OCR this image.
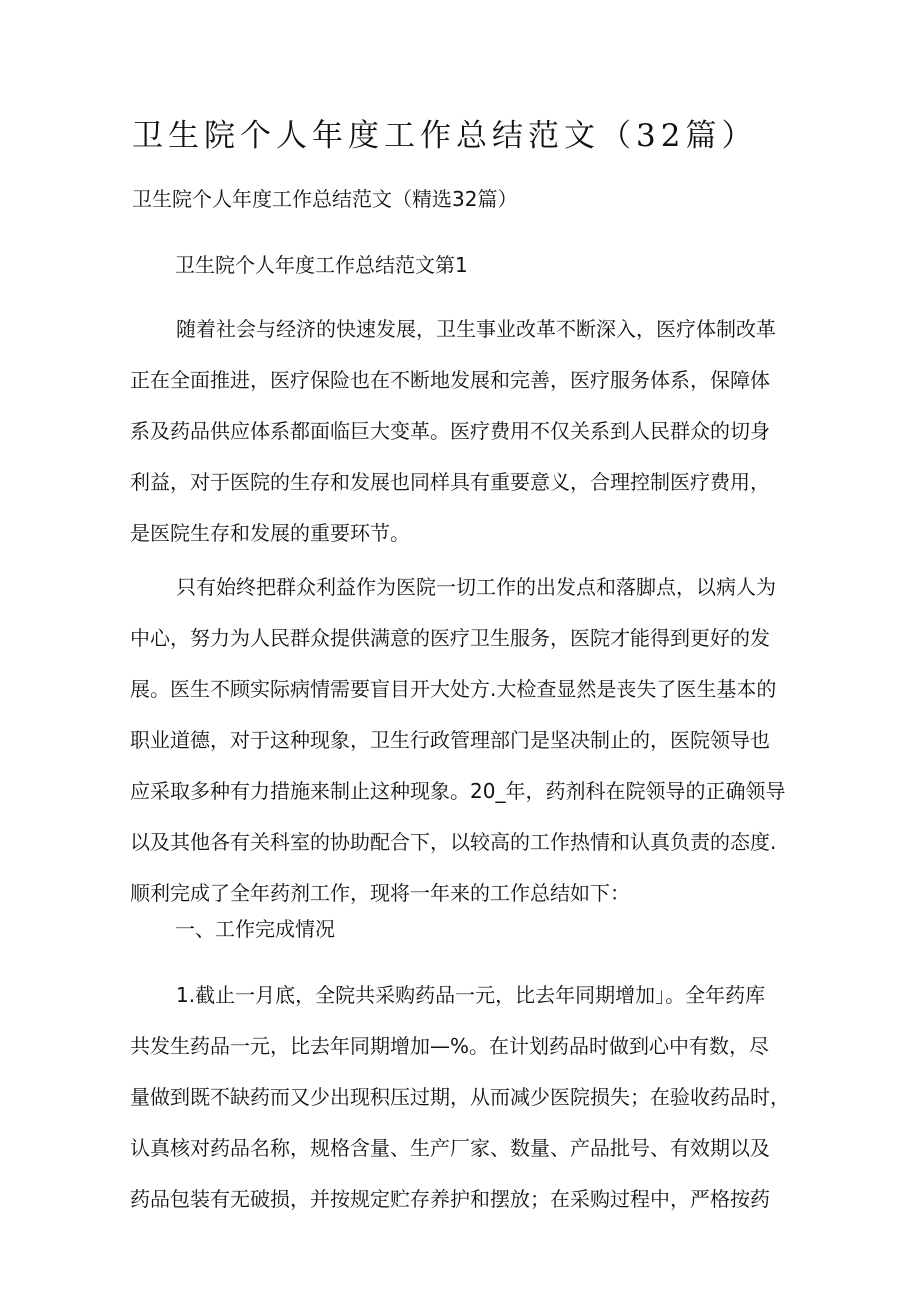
卫生院个人年度工作总结范文（32篇）
卫生院个人年度工作总结范文（精选32篇）
卫生院个人年度工作总结范文第1
随着社会与经济的快速发展，卫生事业改革不断深入，医疗体制改革
正在全面推进，医疗保险也在不断地发展和完善，医疗服务体系，保障体
系及药品供应体系都面临巨大变革。医疗费用不仅关系到人民群众的切身
利益，对于医院的生存和发展也同样具有重要意义，合理控制医疗费用，
是医院生存和发展的重要环节。
只有始终把群众利益作为医院一切工作的出发点和落脚点，以病人为
中心，努力为人民群众提供满意的医疗卫生服务，医院才能得到更好的发
展。医生不顾实际病情需要盲目开大处方.大检查显然是丧失了医生基本的
职业道德，对于这种现象，卫生行政管理部门是坚决制止的，医院领导也
应采取多种有力措施来制止这种现象。20_年，药剂科在院领导的正确领导
以及其他各有关科室的协助配合下，以较高的工作热情和认真负责的态度.
顺利完成了全年药剂工作，现将一年来的工作总结如下：
一、工作完成情况
1.截止一月底，全院共采购药品一元，比去年同期增加」。全年药库
共发生药品一元，比去年同期增加—%。在计划药品时做到心中有数，尽
量做到既不缺药而又少出现积压过期，从而减少医院损失；在验收药品时，
认真核对药品名称，规格含量、生产厂家、数量、产品批号、有效期以及
药品包装有无破损，并按规定贮存养护和摆放；在采购过程中，严格按药
